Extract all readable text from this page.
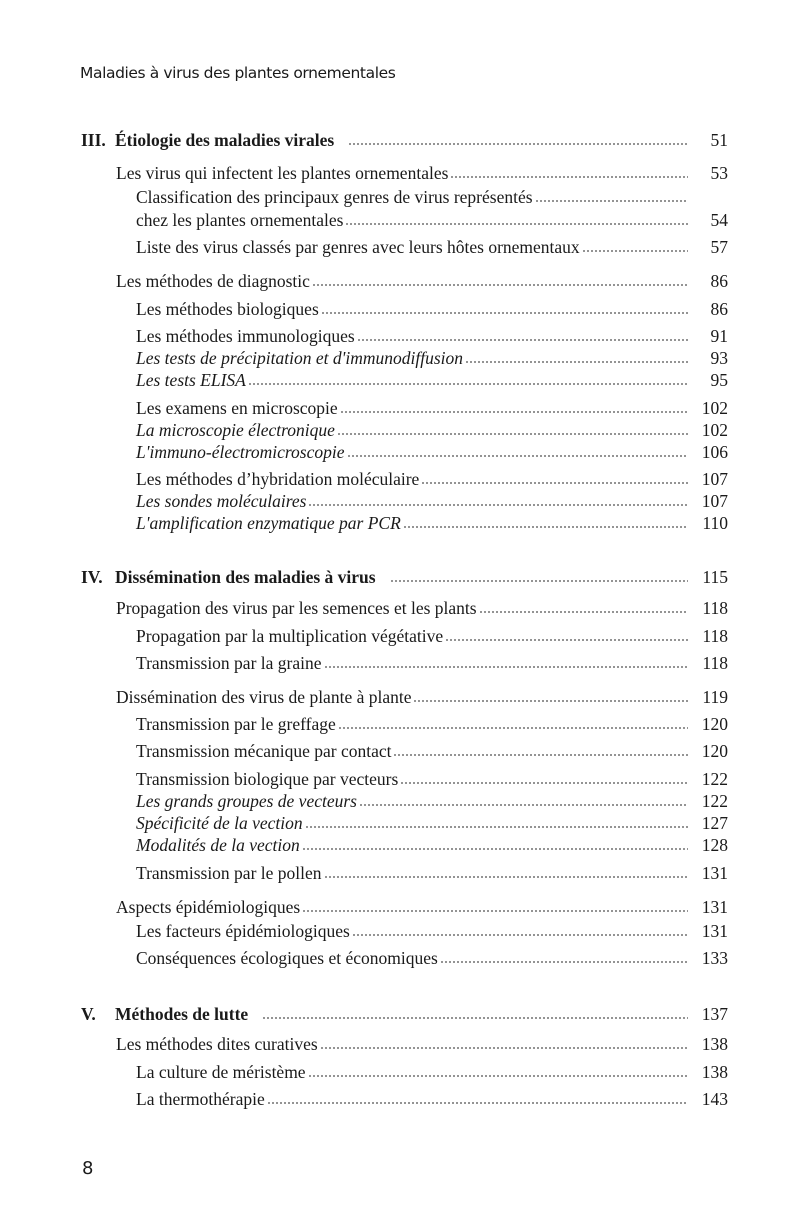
Maladies à virus des plantes ornementales
III. Étiologie des maladies virales	51
Les virus qui infectent les plantes ornementales	53
Classification des principaux genres de virus représentés
chez les plantes ornementales	54
Liste des virus classés par genres avec leurs hôtes ornementaux	57
Les méthodes de diagnostic	86
Les méthodes biologiques	86
Les méthodes immunologiques	91
Les tests de précipitation et d'immunodiffusion	93
Les tests ELISA	95
Les examens en microscopie	102
La microscopie électronique	102
L'immuno-électromicroscopie	106
Les méthodes d’hybridation moléculaire	107
Les sondes moléculaires	107
L'amplification enzymatique par PCR	110
IV. Dissémination des maladies à virus	115
Propagation des virus par les semences et les plants	118
Propagation par la multiplication végétative	118
Transmission par la graine	118
Dissémination des virus de plante à plante	119
Transmission par le greffage	120
Transmission mécanique par contact	120
Transmission biologique par vecteurs	122
Les grands groupes de vecteurs	122
Spécificité de la vection	127
Modalités de la vection	128
Transmission par le pollen	131
Aspects épidémiologiques	131
Les facteurs épidémiologiques	131
Conséquences écologiques et économiques	133
V. Méthodes de lutte	137
Les méthodes dites curatives	138
La culture de méristème	138
La thermothérapie	143
8
